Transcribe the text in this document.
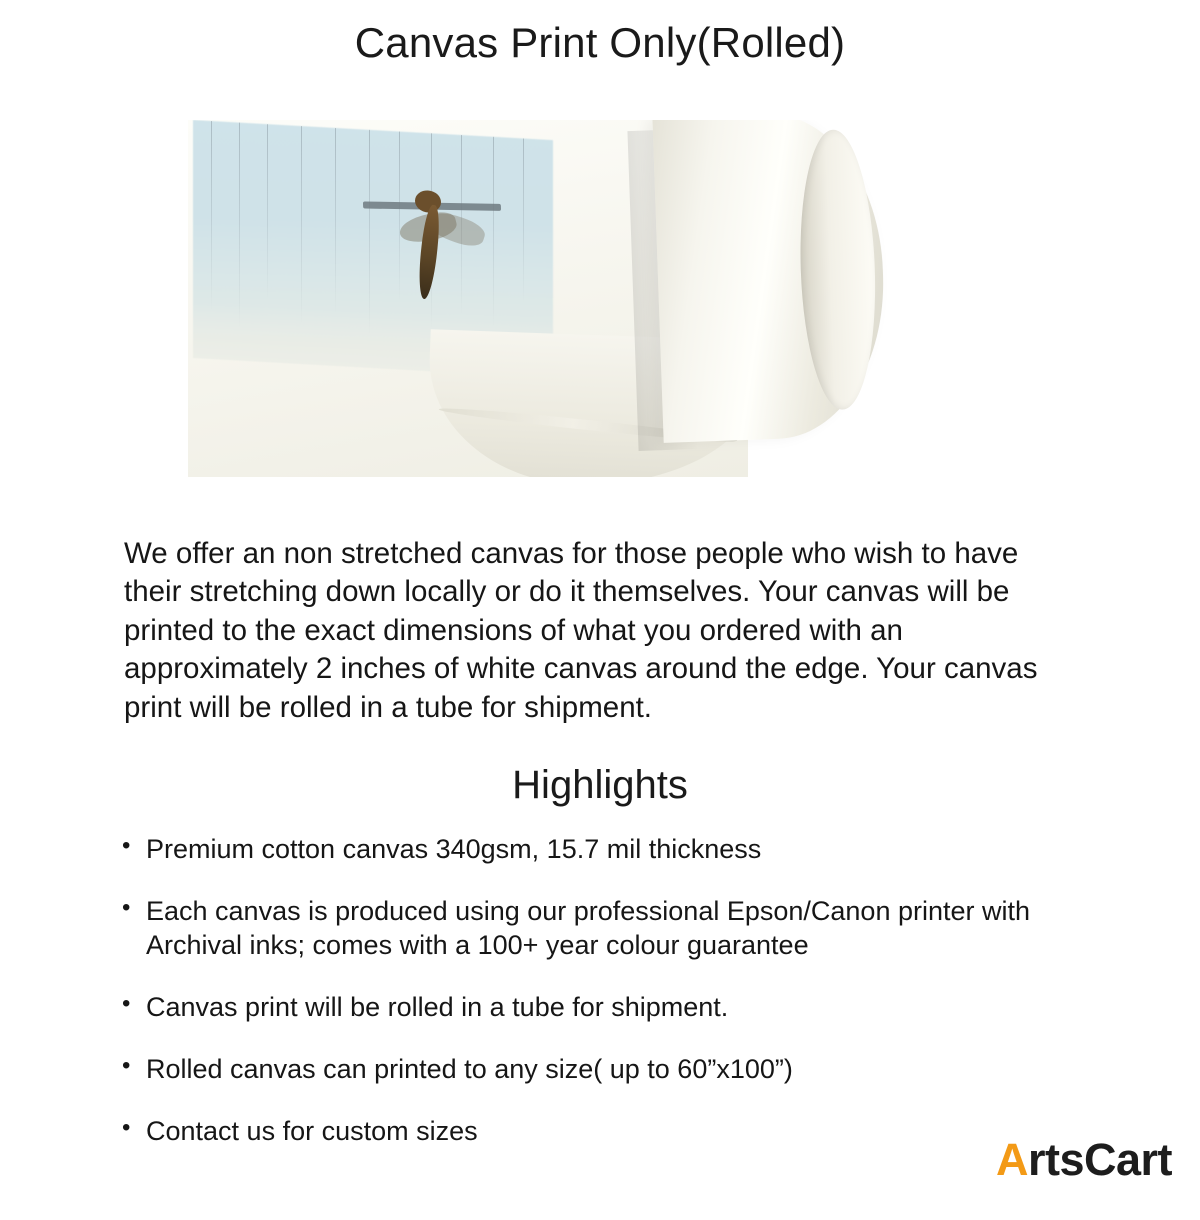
Canvas Print Only(Rolled)

We offer an non stretched canvas for those people who wish to have their stretching down locally or do it themselves. Your canvas will be printed to the exact dimensions of what you ordered with an approximately 2 inches of white canvas around the edge. Your canvas print will be rolled in a tube for shipment.

Highlights
• Premium cotton canvas 340gsm, 15.7 mil thickness
• Each canvas is produced using our professional Epson/Canon printer with Archival inks; comes with a 100+ year colour guarantee
• Canvas print will be rolled in a tube for shipment.
• Rolled canvas can printed to any size( up to 60”x100”)
• Contact us for custom sizes
ArtsCart
